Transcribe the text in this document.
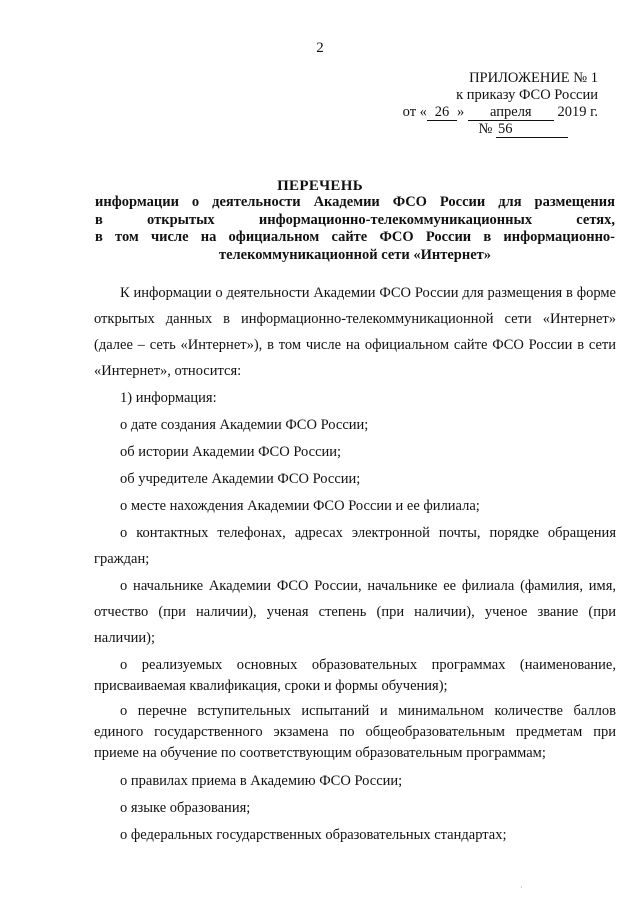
2
ПРИЛОЖЕНИЕ № 1
к приказу ФСО России
от « 26 » апреля 2019 г.
№ 56
ПЕРЕЧЕНЬ
информации о деятельности Академии ФСО России для размещения
в открытых информационно-телекоммуникационных сетях,
в том числе на официальном сайте ФСО России в информационно-
телекоммуникационной сети «Интернет»

К информации о деятельности Академии ФСО России для размещения в форме открытых данных в информационно-телекоммуникационной сети «Интернет» (далее – сеть «Интернет»), в том числе на официальном сайте ФСО России в сети «Интернет», относится:

1) информация:

о дате создания Академии ФСО России;

об истории Академии ФСО России;

об учредителе Академии ФСО России;

о месте нахождения Академии ФСО России и ее филиала;

о контактных телефонах, адресах электронной почты, порядке обращения граждан;

о начальнике Академии ФСО России, начальнике ее филиала (фамилия, имя, отчество (при наличии), ученая степень (при наличии), ученое звание (при наличии);

о реализуемых основных образовательных программах (наименование, присваиваемая квалификация, сроки и формы обучения);

о перечне вступительных испытаний и минимальном количестве баллов единого государственного экзамена по общеобразовательным предметам при приеме на обучение по соответствующим образовательным программам;

о правилах приема в Академию ФСО России;

о языке образования;

о федеральных государственных образовательных стандартах;

·
